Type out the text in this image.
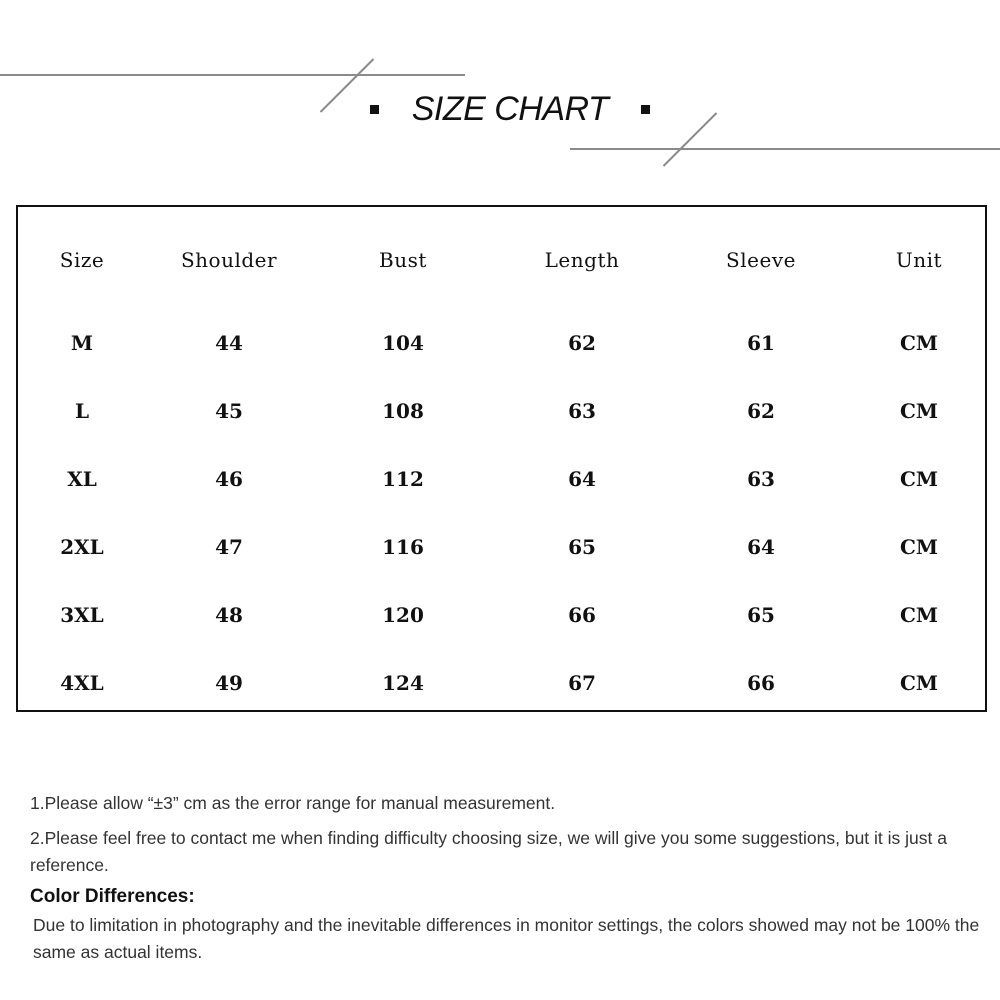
SIZE CHART
Size	Shoulder	Bust	Length	Sleeve	Unit
M	44	104	62	61	CM
L	45	108	63	62	CM
XL	46	112	64	63	CM
2XL	47	116	65	64	CM
3XL	48	120	66	65	CM
4XL	49	124	67	66	CM

1.Please allow “±3” cm as the error range for manual measurement.

2.Please feel free to contact me when finding difficulty choosing size, we will give you some suggestions, but it is just a reference.

Color Differences:

Due to limitation in photography and the inevitable differences in monitor settings, the colors showed may not be 100% the same as actual items.
